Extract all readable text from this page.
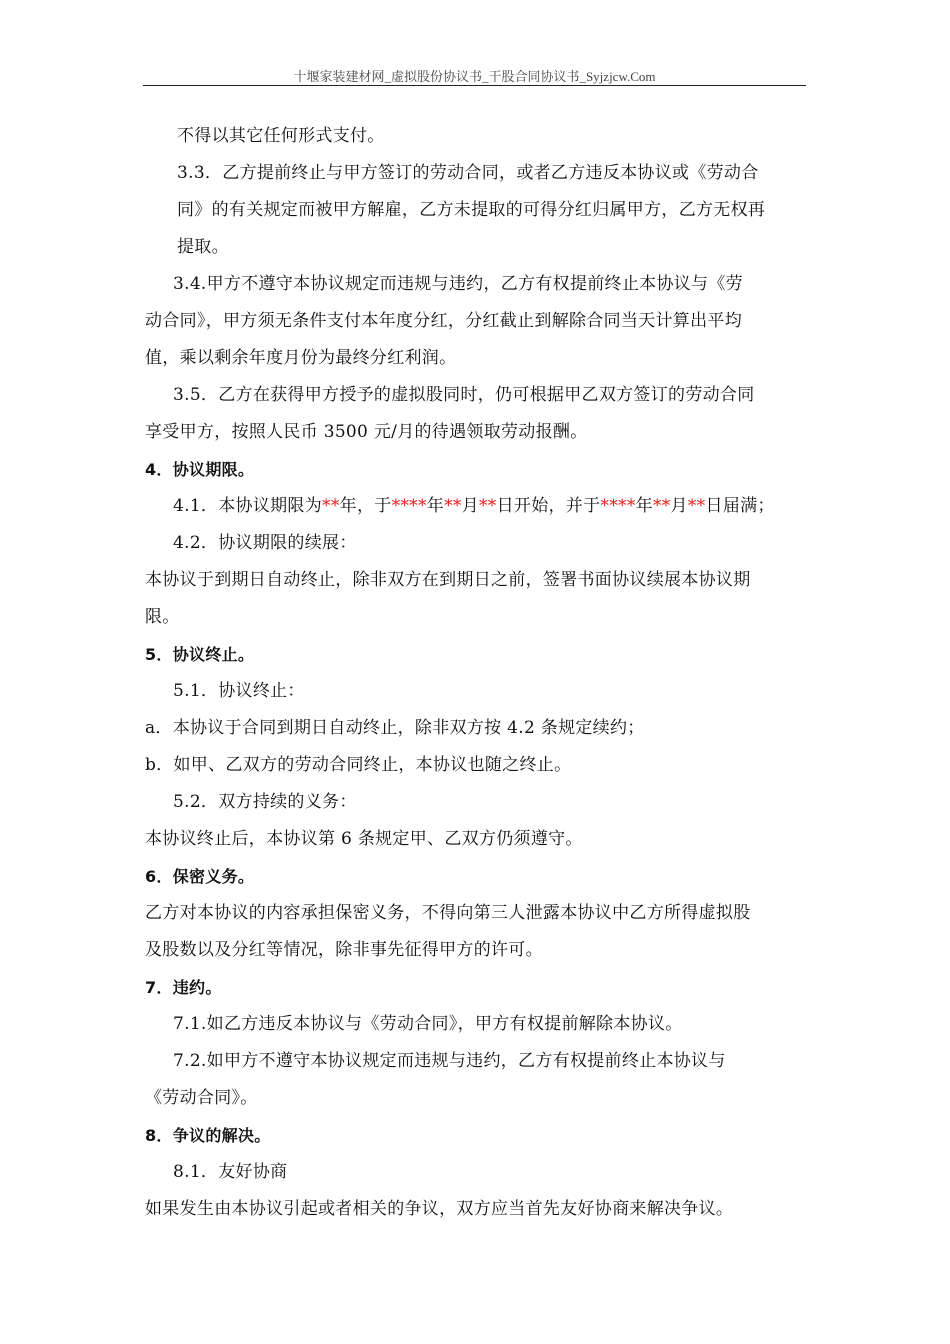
十堰家装建材网_虚拟股份协议书_干股合同协议书_Syjzjcw.Com

不得以其它任何形式支付。

3.3．乙方提前终止与甲方签订的劳动合同，或者乙方违反本协议或《劳动合

同》的有关规定而被甲方解雇，乙方未提取的可得分红归属甲方，乙方无权再

提取。

3.4.甲方不遵守本协议规定而违规与违约，乙方有权提前终止本协议与《劳

动合同》，甲方须无条件支付本年度分红，分红截止到解除合同当天计算出平均

值，乘以剩余年度月份为最终分红利润。

3.5．乙方在获得甲方授予的虚拟股同时，仍可根据甲乙双方签订的劳动合同

享受甲方，按照人民币 3500 元/月的待遇领取劳动报酬。

4．协议期限。

4.1．本协议期限为**年，于****年**月**日开始，并于****年**月**日届满；

4.2．协议期限的续展：

本协议于到期日自动终止，除非双方在到期日之前，签署书面协议续展本协议期

限。

5．协议终止。

5.1．协议终止：

a．本协议于合同到期日自动终止，除非双方按 4.2 条规定续约；

b．如甲、乙双方的劳动合同终止，本协议也随之终止。

5.2．双方持续的义务：

本协议终止后，本协议第 6 条规定甲、乙双方仍须遵守。

6．保密义务。

乙方对本协议的内容承担保密义务，不得向第三人泄露本协议中乙方所得虚拟股

及股数以及分红等情况，除非事先征得甲方的许可。

7．违约。

7.1.如乙方违反本协议与《劳动合同》，甲方有权提前解除本协议。

7.2.如甲方不遵守本协议规定而违规与违约，乙方有权提前终止本协议与

《劳动合同》。

8．争议的解决。

8.1．友好协商

如果发生由本协议引起或者相关的争议，双方应当首先友好协商来解决争议。
